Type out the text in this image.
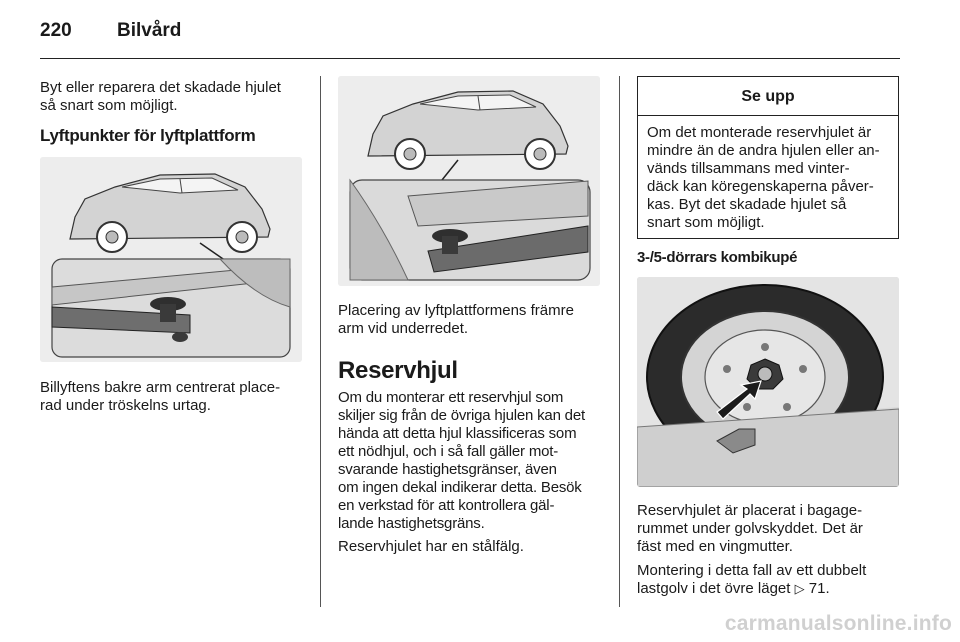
220 Bilvård
Byt eller reparera det skadade hjulet
så snart som möjligt.
Lyftpunkter för lyftplattform
Billyftens bakre arm centrerat place-
rad under tröskelns urtag.
Placering av lyftplattformens främre
arm vid underredet.
Reservhjul
Om du monterar ett reservhjul som
skiljer sig från de övriga hjulen kan det
hända att detta hjul klassificeras som
ett nödhjul, och i så fall gäller mot-
svarande hastighetsgränser, även
om ingen dekal indikerar detta. Besök
en verkstad för att kontrollera gäl-
lande hastighetsgräns.
Reservhjulet har en stålfälg.
Se upp
Om det monterade reservhjulet är
mindre än de andra hjulen eller an-
vänds tillsammans med vinter-
däck kan köregenskaperna påver-
kas. Byt det skadade hjulet så
snart som möjligt.
3-/5-dörrars kombikupé
Reservhjulet är placerat i bagage-
rummet under golvskyddet. Det är
fäst med en vingmutter.
Montering i detta fall av ett dubbelt
lastgolv i det övre läget ▷ 71.
carmanualsonline.info
